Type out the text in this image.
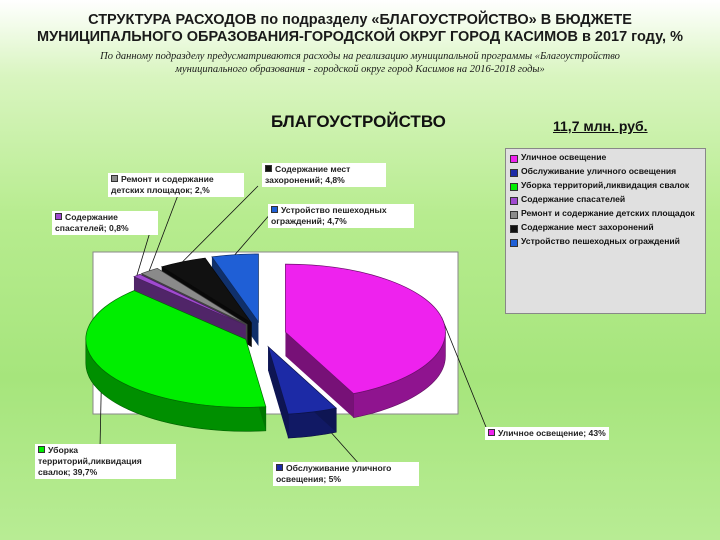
СТРУКТУРА РАСХОДОВ по подразделу «БЛАГОУСТРОЙСТВО» В БЮДЖЕТЕ
МУНИЦИПАЛЬНОГО ОБРАЗОВАНИЯ-ГОРОДСКОЙ ОКРУГ ГОРОД КАСИМОВ в 2017 году, %
По данному подразделу предусматриваются расходы на реализацию муниципальной программы «Благоустройство
муниципального образования - городской округ город Касимов на 2016-2018 годы»
БЛАГОУСТРОЙСТВО	11,7 млн. руб.
Уличное освещение
Обслуживание уличного освещения
Уборка территорий,ликвидация свалок
Содержание спасателей
Ремонт и содержание детских площадок
Содержание мест захоронений
Устройство пешеходных ограждений
Уличное освещение; 43%
Обслуживание уличного освещения; 5%
Уборка территорий,ликвидация свалок; 39,7%
Содержание спасателей; 0,8%
Ремонт и содержание детских площадок; 2,%
Содержание мест захоронений; 4,8%
Устройство пешеходных ограждений; 4,7%
